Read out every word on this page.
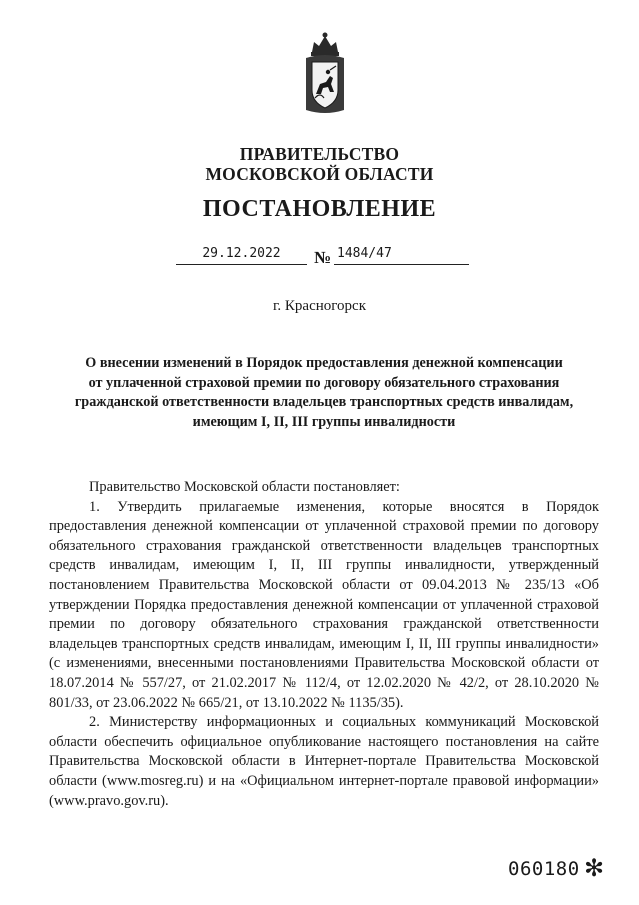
ПРАВИТЕЛЬСТВО
МОСКОВСКОЙ ОБЛАСТИ
ПОСТАНОВЛЕНИЕ
29.12.2022	№ 1484/47
г. Красногорск
О внесении изменений в Порядок предоставления денежной компенсации
от уплаченной страховой премии по договору обязательного страхования
гражданской ответственности владельцев транспортных средств инвалидам,
имеющим I, II, III группы инвалидности

Правительство Московской области постановляет:

1. Утвердить прилагаемые изменения, которые вносятся в Порядок предоставления денежной компенсации от уплаченной страховой премии по договору обязательного страхования гражданской ответственности владельцев транспортных средств инвалидам, имеющим I, II, III группы инвалидности, утвержденный постановлением Правительства Московской области от 09.04.2013 № 235/13 «Об утверждении Порядка предоставления денежной компенсации от уплаченной страховой премии по договору обязательного страхования гражданской ответственности владельцев транспортных средств инвалидам, имеющим I, II, III группы инвалидности» (с изменениями, внесенными постановлениями Правительства Московской области от 18.07.2014 № 557/27, от 21.02.2017 № 112/4, от 12.02.2020 № 42/2, от 28.10.2020 № 801/33, от 23.06.2022 № 665/21, от 13.10.2022 № 1135/35).

2. Министерству информационных и социальных коммуникаций Московской области обеспечить официальное опубликование настоящего постановления на сайте Правительства Московской области в Интернет-портале Правительства Московской области (www.mosreg.ru) и на «Официальном интернет-портале правовой информации» (www.pravo.gov.ru).

060180 ✻
